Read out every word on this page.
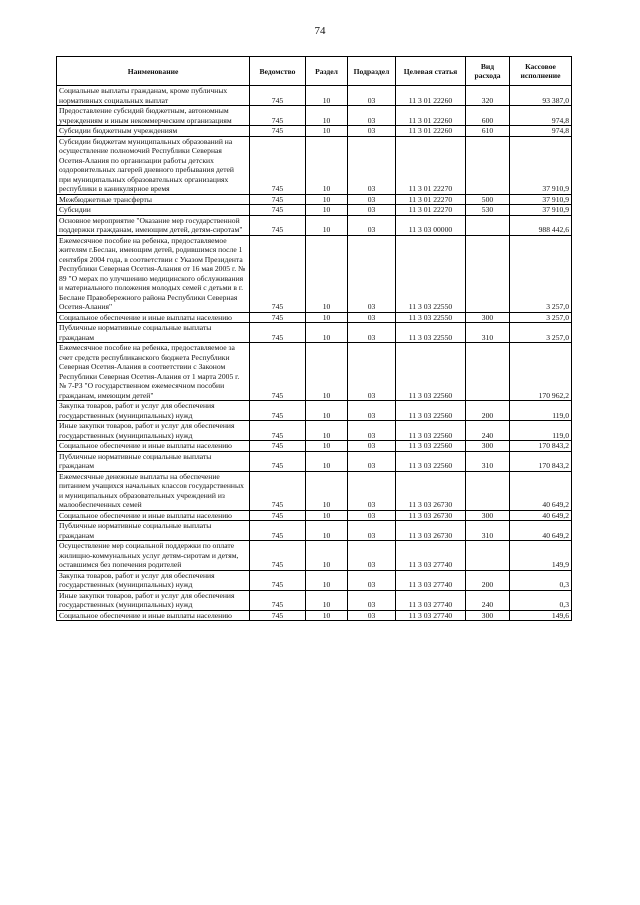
74
Наименование	Ведомство	Раздел	Подраздел	Целевая статья	Вид расхода	Кассовое исполнение
Социальные выплаты гражданам, кроме публичных нормативных социальных выплат	745	10	03	11 3 01 22260	320	93 387,0
Предоставление субсидий бюджетным, автономным учреждениям и иным некоммерческим организациям	745	10	03	11 3 01 22260	600	974,8
Субсидии бюджетным учреждениям	745	10	03	11 3 01 22260	610	974,8
Субсидии бюджетам муниципальных образований на осуществление полномочий Республики Северная Осетия-Алания по организации работы детских оздоровительных лагерей дневного пребывания детей при муниципальных образовательных организациях республики в каникулярное время	745	10	03	11 3 01 22270		37 910,9
Межбюджетные трансферты	745	10	03	11 3 01 22270	500	37 910,9
Субсидии	745	10	03	11 3 01 22270	530	37 910,9
Основное мероприятие "Оказание мер государственной поддержки гражданам, имеющим детей, детям-сиротам"	745	10	03	11 3 03 00000		988 442,6
Ежемесячное пособие на ребенка, предоставляемое жителям г.Беслан, имеющим детей, родившимся после 1 сентября 2004 года, в соответствии с Указом Президента Республики Северная Осетия-Алания от 16 мая 2005 г. № 89 "О мерах по улучшению медицинского обслуживания и материального положения молодых семей с детьми в г. Беслане Правобережного района Республики Северная Осетия-Алания"	745	10	03	11 3 03 22550		3 257,0
Социальное обеспечение и иные выплаты населению	745	10	03	11 3 03 22550	300	3 257,0
Публичные нормативные социальные выплаты гражданам	745	10	03	11 3 03 22550	310	3 257,0
Ежемесячное пособие на ребенка, предоставляемое за счет средств республиканского бюджета Республики Северная Осетия-Алания в соответствии с Законом Республики Северная Осетия-Алания от 1 марта 2005 г. № 7-РЗ "О государственном ежемесячном пособии гражданам, имеющим детей"	745	10	03	11 3 03 22560		170 962,2
Закупка товаров, работ и услуг для обеспечения государственных (муниципальных) нужд	745	10	03	11 3 03 22560	200	119,0
Иные закупки товаров, работ и услуг для обеспечения государственных (муниципальных) нужд	745	10	03	11 3 03 22560	240	119,0
Социальное обеспечение и иные выплаты населению	745	10	03	11 3 03 22560	300	170 843,2
Публичные нормативные социальные выплаты гражданам	745	10	03	11 3 03 22560	310	170 843,2
Ежемесячные денежные выплаты на обеспечение питанием учащихся начальных классов государственных и муниципальных образовательных учреждений из малообеспеченных семей	745	10	03	11 3 03 26730		40 649,2
Социальное обеспечение и иные выплаты населению	745	10	03	11 3 03 26730	300	40 649,2
Публичные нормативные социальные выплаты гражданам	745	10	03	11 3 03 26730	310	40 649,2
Осуществление мер социальной поддержки по оплате жилищно-коммунальных услуг детям-сиротам и детям, оставшимся без попечения родителей	745	10	03	11 3 03 27740		149,9
Закупка товаров, работ и услуг для обеспечения государственных (муниципальных) нужд	745	10	03	11 3 03 27740	200	0,3
Иные закупки товаров, работ и услуг для обеспечения государственных (муниципальных) нужд	745	10	03	11 3 03 27740	240	0,3
Социальное обеспечение и иные выплаты населению	745	10	03	11 3 03 27740	300	149,6
